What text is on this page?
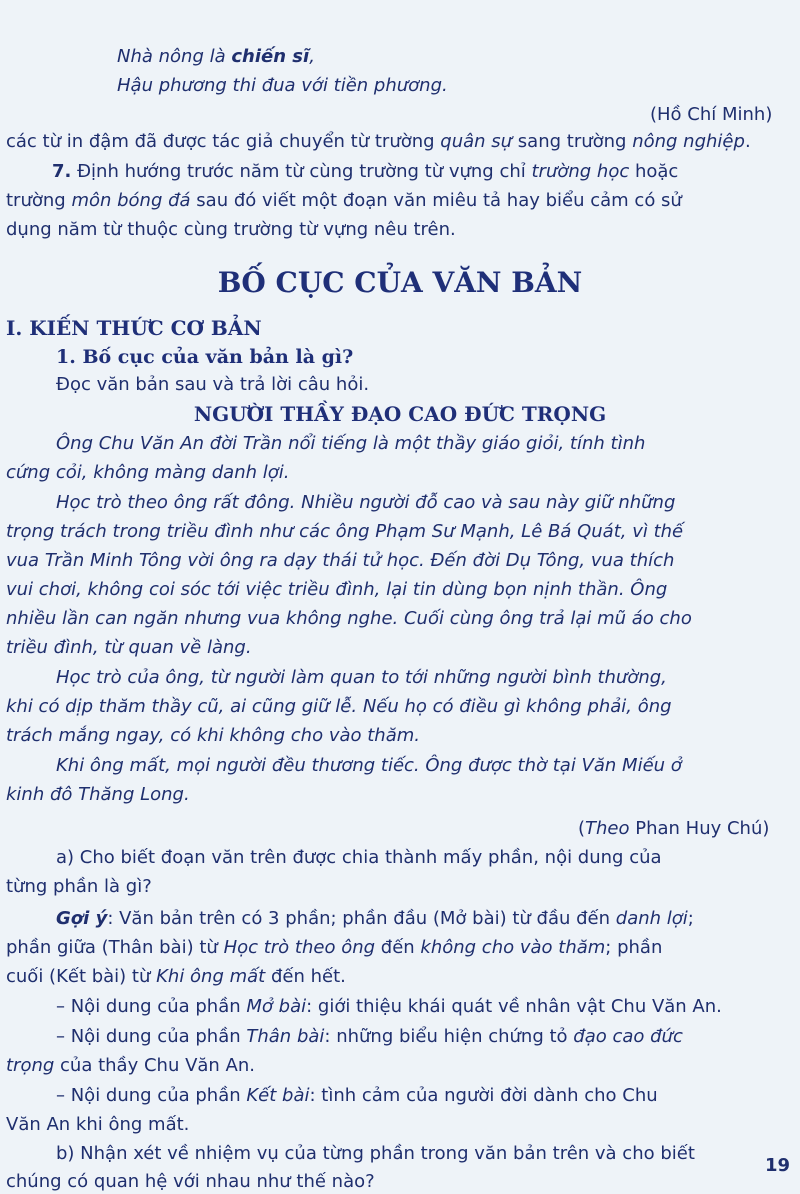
Nhà nông là chiến sĩ,
Hậu phương thi đua với tiền phương.
(Hồ Chí Minh)
các từ in đậm đã được tác giả chuyển từ trường quân sự sang trường nông nghiệp.
7. Định hướng trước năm từ cùng trường từ vựng chỉ trường học hoặc
trường môn bóng đá sau đó viết một đoạn văn miêu tả hay biểu cảm có sử
dụng năm từ thuộc cùng trường từ vựng nêu trên.
BỐ CỤC CỦA VĂN BẢN
I. KIẾN THỨC CƠ BẢN
1. Bố cục của văn bản là gì?
Đọc văn bản sau và trả lời câu hỏi.
NGƯỜI THẦY ĐẠO CAO ĐỨC TRỌNG
Ông Chu Văn An đời Trần nổi tiếng là một thầy giáo giỏi, tính tình
cứng cỏi, không màng danh lợi.
Học trò theo ông rất đông. Nhiều người đỗ cao và sau này giữ những
trọng trách trong triều đình như các ông Phạm Sư Mạnh, Lê Bá Quát, vì thế
vua Trần Minh Tông vời ông ra dạy thái tử học. Đến đời Dụ Tông, vua thích
vui chơi, không coi sóc tới việc triều đình, lại tin dùng bọn nịnh thần. Ông
nhiều lần can ngăn nhưng vua không nghe. Cuối cùng ông trả lại mũ áo cho
triều đình, từ quan về làng.
Học trò của ông, từ người làm quan to tới những người bình thường,
khi có dịp thăm thầy cũ, ai cũng giữ lễ. Nếu họ có điều gì không phải, ông
trách mắng ngay, có khi không cho vào thăm.
Khi ông mất, mọi người đều thương tiếc. Ông được thờ tại Văn Miếu ở
kinh đô Thăng Long.
(Theo Phan Huy Chú)
a) Cho biết đoạn văn trên được chia thành mấy phần, nội dung của
từng phần là gì?
Gợi ý: Văn bản trên có 3 phần; phần đầu (Mở bài) từ đầu đến danh lợi;
phần giữa (Thân bài) từ Học trò theo ông đến không cho vào thăm; phần
cuối (Kết bài) từ Khi ông mất đến hết.
– Nội dung của phần Mở bài: giới thiệu khái quát về nhân vật Chu Văn An.
– Nội dung của phần Thân bài: những biểu hiện chứng tỏ đạo cao đức
trọng của thầy Chu Văn An.
– Nội dung của phần Kết bài: tình cảm của người đời dành cho Chu
Văn An khi ông mất.
b) Nhận xét về nhiệm vụ của từng phần trong văn bản trên và cho biết
chúng có quan hệ với nhau như thế nào?
19
